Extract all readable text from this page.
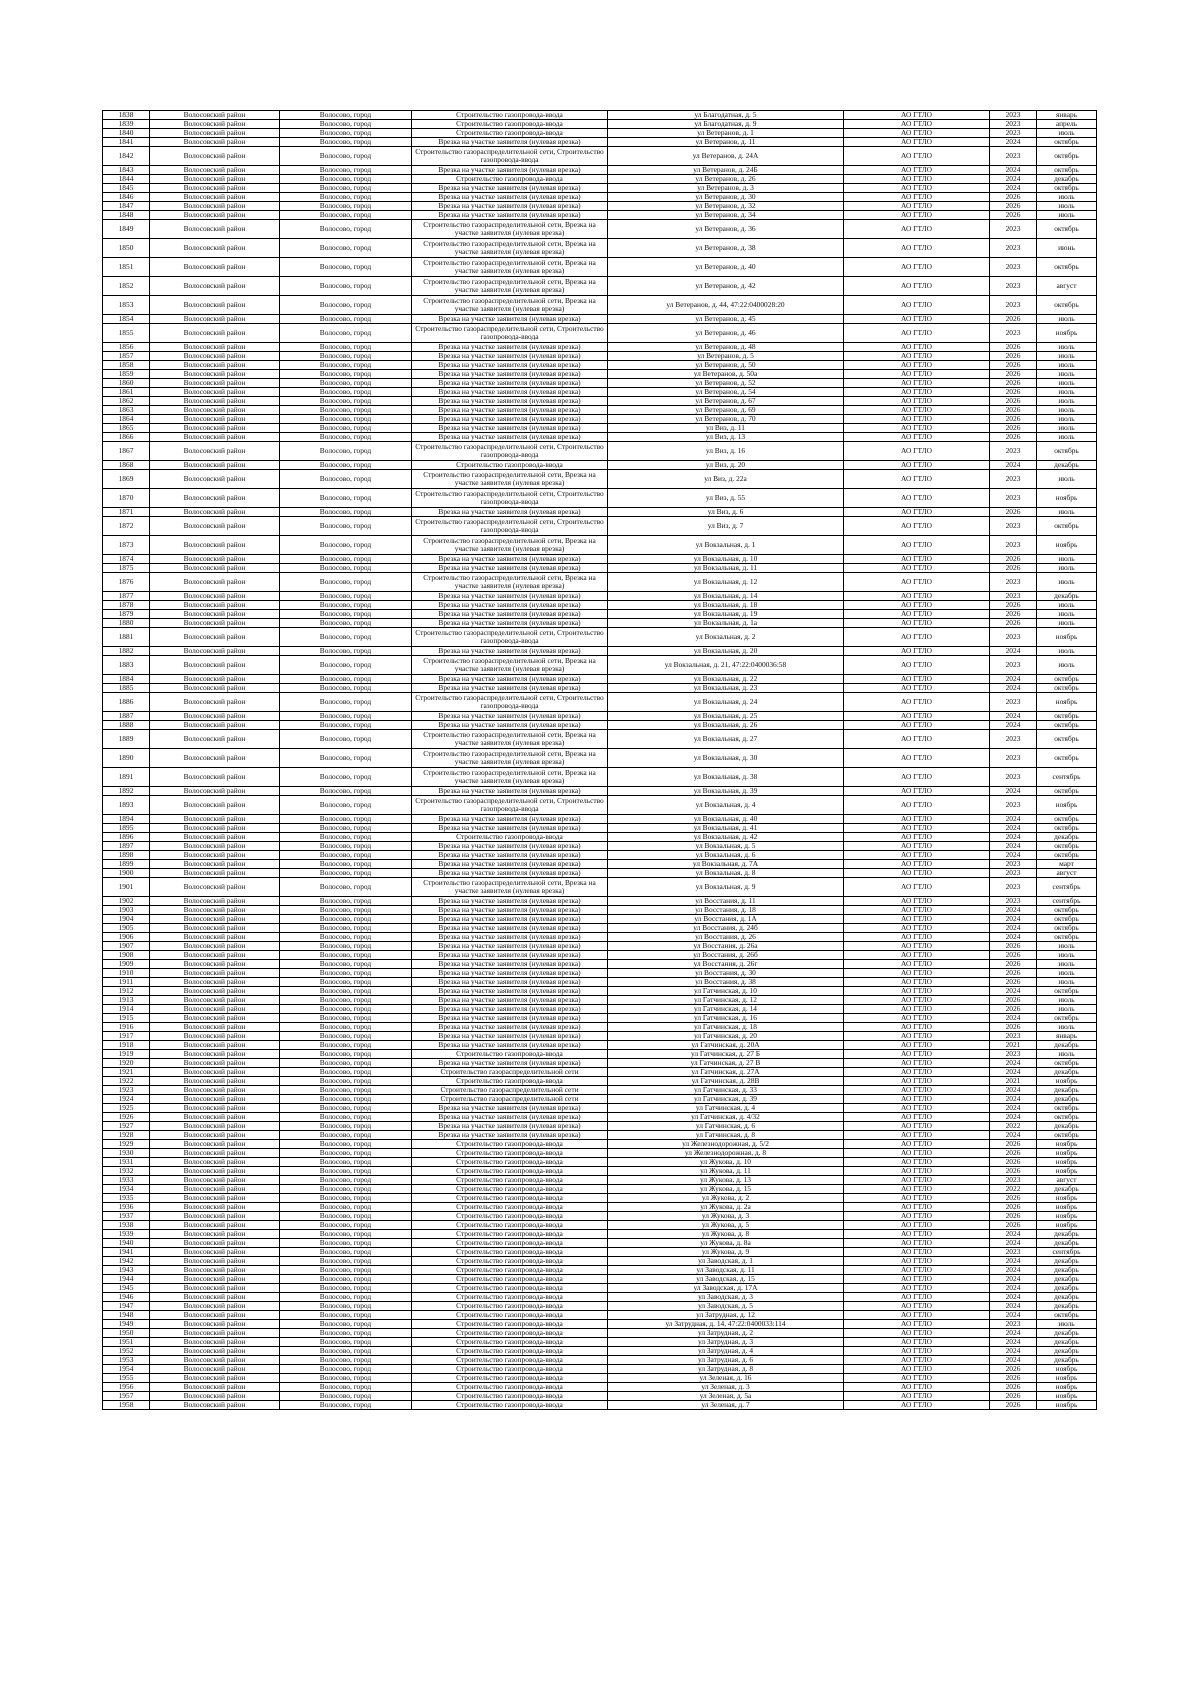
1838	Волосовский район	Волосово, город	Строительство газопровода-ввода	ул Благодатная, д. 5	АО ГТЛО	2023	январь
1839	Волосовский район	Волосово, город	Строительство газопровода-ввода	ул Благодатная, д. 9	АО ГТЛО	2023	апрель
1840	Волосовский район	Волосово, город	Строительство газопровода-ввода	ул Ветеранов, д. 1	АО ГТЛО	2023	июль
1841	Волосовский район	Волосово, город	Врезка на участке заявителя (нулевая врезка)	ул Ветеранов, д. 11	АО ГТЛО	2024	октябрь
1842	Волосовский район	Волосово, город	Строительство газораспределительной сети, Строительство газопровода-ввода	ул Ветеранов, д. 24А	АО ГТЛО	2023	октябрь
1843	Волосовский район	Волосово, город	Врезка на участке заявителя (нулевая врезка)	ул Ветеранов, д. 24Б	АО ГТЛО	2024	октябрь
1844	Волосовский район	Волосово, город	Строительство газопровода-ввода	ул Ветеранов, д. 26	АО ГТЛО	2024	декабрь
1845	Волосовский район	Волосово, город	Врезка на участке заявителя (нулевая врезка)	ул Ветеранов, д. 3	АО ГТЛО	2024	октябрь
1846	Волосовский район	Волосово, город	Врезка на участке заявителя (нулевая врезка)	ул Ветеранов, д. 30	АО ГТЛО	2026	июль
1847	Волосовский район	Волосово, город	Врезка на участке заявителя (нулевая врезка)	ул Ветеранов, д. 32	АО ГТЛО	2026	июль
1848	Волосовский район	Волосово, город	Врезка на участке заявителя (нулевая врезка)	ул Ветеранов, д. 34	АО ГТЛО	2026	июль
1849	Волосовский район	Волосово, город	Строительство газораспределительной сети, Врезка на участке заявителя (нулевая врезка)	ул Ветеранов, д. 36	АО ГТЛО	2023	октябрь
1850	Волосовский район	Волосово, город	Строительство газораспределительной сети, Врезка на участке заявителя (нулевая врезка)	ул Ветеранов, д. 38	АО ГТЛО	2023	июнь
1851	Волосовский район	Волосово, город	Строительство газораспределительной сети, Врезка на участке заявителя (нулевая врезка)	ул Ветеранов, д. 40	АО ГТЛО	2023	октябрь
1852	Волосовский район	Волосово, город	Строительство газораспределительной сети, Врезка на участке заявителя (нулевая врезка)	ул Ветеранов, д. 42	АО ГТЛО	2023	август
1853	Волосовский район	Волосово, город	Строительство газораспределительной сети, Врезка на участке заявителя (нулевая врезка)	ул Ветеранов, д. 44, 47:22:0400028:20	АО ГТЛО	2023	октябрь
1854	Волосовский район	Волосово, город	Врезка на участке заявителя (нулевая врезка)	ул Ветеранов, д. 45	АО ГТЛО	2026	июль
1855	Волосовский район	Волосово, город	Строительство газораспределительной сети, Строительство газопровода-ввода	ул Ветеранов, д. 46	АО ГТЛО	2023	ноябрь
1856	Волосовский район	Волосово, город	Врезка на участке заявителя (нулевая врезка)	ул Ветеранов, д. 48	АО ГТЛО	2026	июль
1857	Волосовский район	Волосово, город	Врезка на участке заявителя (нулевая врезка)	ул Ветеранов, д. 5	АО ГТЛО	2026	июль
1858	Волосовский район	Волосово, город	Врезка на участке заявителя (нулевая врезка)	ул Ветеранов, д. 50	АО ГТЛО	2026	июль
1859	Волосовский район	Волосово, город	Врезка на участке заявителя (нулевая врезка)	ул Ветеранов, д. 50а	АО ГТЛО	2026	июль
1860	Волосовский район	Волосово, город	Врезка на участке заявителя (нулевая врезка)	ул Ветеранов, д. 52	АО ГТЛО	2026	июль
1861	Волосовский район	Волосово, город	Врезка на участке заявителя (нулевая врезка)	ул Ветеранов, д. 54	АО ГТЛО	2026	июль
1862	Волосовский район	Волосово, город	Врезка на участке заявителя (нулевая врезка)	ул Ветеранов, д. 67	АО ГТЛО	2026	июль
1863	Волосовский район	Волосово, город	Врезка на участке заявителя (нулевая врезка)	ул Ветеранов, д. 69	АО ГТЛО	2026	июль
1864	Волосовский район	Волосово, город	Врезка на участке заявителя (нулевая врезка)	ул Ветеранов, д. 70	АО ГТЛО	2026	июль
1865	Волосовский район	Волосово, город	Врезка на участке заявителя (нулевая врезка)	ул Виз, д. 11	АО ГТЛО	2026	июль
1866	Волосовский район	Волосово, город	Врезка на участке заявителя (нулевая врезка)	ул Виз, д. 13	АО ГТЛО	2026	июль
1867	Волосовский район	Волосово, город	Строительство газораспределительной сети, Строительство газопровода-ввода	ул Виз, д. 16	АО ГТЛО	2023	октябрь
1868	Волосовский район	Волосово, город	Строительство газопровода-ввода	ул Виз, д. 20	АО ГТЛО	2024	декабрь
1869	Волосовский район	Волосово, город	Строительство газораспределительной сети, Врезка на участке заявителя (нулевая врезка)	ул Виз, д. 22а	АО ГТЛО	2023	июль
1870	Волосовский район	Волосово, город	Строительство газораспределительной сети, Строительство газопровода-ввода	ул Виз, д. 55	АО ГТЛО	2023	ноябрь
1871	Волосовский район	Волосово, город	Врезка на участке заявителя (нулевая врезка)	ул Виз, д. 6	АО ГТЛО	2026	июль
1872	Волосовский район	Волосово, город	Строительство газораспределительной сети, Строительство газопровода-ввода	ул Виз, д. 7	АО ГТЛО	2023	октябрь
1873	Волосовский район	Волосово, город	Строительство газораспределительной сети, Врезка на участке заявителя (нулевая врезка)	ул Вокзальная, д. 1	АО ГТЛО	2023	ноябрь
1874	Волосовский район	Волосово, город	Врезка на участке заявителя (нулевая врезка)	ул Вокзальная, д. 10	АО ГТЛО	2026	июль
1875	Волосовский район	Волосово, город	Врезка на участке заявителя (нулевая врезка)	ул Вокзальная, д. 11	АО ГТЛО	2026	июль
1876	Волосовский район	Волосово, город	Строительство газораспределительной сети, Врезка на участке заявителя (нулевая врезка)	ул Вокзальная, д. 12	АО ГТЛО	2023	июль
1877	Волосовский район	Волосово, город	Врезка на участке заявителя (нулевая врезка)	ул Вокзальная, д. 14	АО ГТЛО	2023	декабрь
1878	Волосовский район	Волосово, город	Врезка на участке заявителя (нулевая врезка)	ул Вокзальная, д. 18	АО ГТЛО	2026	июль
1879	Волосовский район	Волосово, город	Врезка на участке заявителя (нулевая врезка)	ул Вокзальная, д. 19	АО ГТЛО	2026	июль
1880	Волосовский район	Волосово, город	Врезка на участке заявителя (нулевая врезка)	ул Вокзальная, д. 1а	АО ГТЛО	2026	июль
1881	Волосовский район	Волосово, город	Строительство газораспределительной сети, Строительство газопровода-ввода	ул Вокзальная, д. 2	АО ГТЛО	2023	ноябрь
1882	Волосовский район	Волосово, город	Врезка на участке заявителя (нулевая врезка)	ул Вокзальная, д. 20	АО ГТЛО	2024	июль
1883	Волосовский район	Волосово, город	Строительство газораспределительной сети, Врезка на участке заявителя (нулевая врезка)	ул Вокзальная, д. 21, 47:22:0400036:58	АО ГТЛО	2023	июль
1884	Волосовский район	Волосово, город	Врезка на участке заявителя (нулевая врезка)	ул Вокзальная, д. 22	АО ГТЛО	2024	октябрь
1885	Волосовский район	Волосово, город	Врезка на участке заявителя (нулевая врезка)	ул Вокзальная, д. 23	АО ГТЛО	2024	октябрь
1886	Волосовский район	Волосово, город	Строительство газораспределительной сети, Строительство газопровода-ввода	ул Вокзальная, д. 24	АО ГТЛО	2023	ноябрь
1887	Волосовский район	Волосово, город	Врезка на участке заявителя (нулевая врезка)	ул Вокзальная, д. 25	АО ГТЛО	2024	октябрь
1888	Волосовский район	Волосово, город	Врезка на участке заявителя (нулевая врезка)	ул Вокзальная, д. 26	АО ГТЛО	2024	октябрь
1889	Волосовский район	Волосово, город	Строительство газораспределительной сети, Врезка на участке заявителя (нулевая врезка)	ул Вокзальная, д. 27	АО ГТЛО	2023	октябрь
1890	Волосовский район	Волосово, город	Строительство газораспределительной сети, Врезка на участке заявителя (нулевая врезка)	ул Вокзальная, д. 30	АО ГТЛО	2023	октябрь
1891	Волосовский район	Волосово, город	Строительство газораспределительной сети, Врезка на участке заявителя (нулевая врезка)	ул Вокзальная, д. 38	АО ГТЛО	2023	сентябрь
1892	Волосовский район	Волосово, город	Врезка на участке заявителя (нулевая врезка)	ул Вокзальная, д. 39	АО ГТЛО	2024	октябрь
1893	Волосовский район	Волосово, город	Строительство газораспределительной сети, Строительство газопровода-ввода	ул Вокзальная, д. 4	АО ГТЛО	2023	ноябрь
1894	Волосовский район	Волосово, город	Врезка на участке заявителя (нулевая врезка)	ул Вокзальная, д. 40	АО ГТЛО	2024	октябрь
1895	Волосовский район	Волосово, город	Врезка на участке заявителя (нулевая врезка)	ул Вокзальная, д. 41	АО ГТЛО	2024	октябрь
1896	Волосовский район	Волосово, город	Строительство газопровода-ввода	ул Вокзальная, д. 42	АО ГТЛО	2024	декабрь
1897	Волосовский район	Волосово, город	Врезка на участке заявителя (нулевая врезка)	ул Вокзальная, д. 5	АО ГТЛО	2024	октябрь
1898	Волосовский район	Волосово, город	Врезка на участке заявителя (нулевая врезка)	ул Вокзальная, д. 6	АО ГТЛО	2024	октябрь
1899	Волосовский район	Волосово, город	Врезка на участке заявителя (нулевая врезка)	ул Вокзальная, д. 7А	АО ГТЛО	2023	март
1900	Волосовский район	Волосово, город	Врезка на участке заявителя (нулевая врезка)	ул Вокзальная, д. 8	АО ГТЛО	2023	август
1901	Волосовский район	Волосово, город	Строительство газораспределительной сети, Врезка на участке заявителя (нулевая врезка)	ул Вокзальная, д. 9	АО ГТЛО	2023	сентябрь
1902	Волосовский район	Волосово, город	Врезка на участке заявителя (нулевая врезка)	ул Восстания, д. 11	АО ГТЛО	2023	сентябрь
1903	Волосовский район	Волосово, город	Врезка на участке заявителя (нулевая врезка)	ул Восстания, д. 18	АО ГТЛО	2024	октябрь
1904	Волосовский район	Волосово, город	Врезка на участке заявителя (нулевая врезка)	ул Восстания, д. 1А	АО ГТЛО	2024	октябрь
1905	Волосовский район	Волосово, город	Врезка на участке заявителя (нулевая врезка)	ул Восстания, д. 24б	АО ГТЛО	2024	октябрь
1906	Волосовский район	Волосово, город	Врезка на участке заявителя (нулевая врезка)	ул Восстания, д. 26	АО ГТЛО	2024	октябрь
1907	Волосовский район	Волосово, город	Врезка на участке заявителя (нулевая врезка)	ул Восстания, д. 26а	АО ГТЛО	2026	июль
1908	Волосовский район	Волосово, город	Врезка на участке заявителя (нулевая врезка)	ул Восстания, д. 26б	АО ГТЛО	2026	июль
1909	Волосовский район	Волосово, город	Врезка на участке заявителя (нулевая врезка)	ул Восстания, д. 26г	АО ГТЛО	2026	июль
1910	Волосовский район	Волосово, город	Врезка на участке заявителя (нулевая врезка)	ул Восстания, д. 30	АО ГТЛО	2026	июль
1911	Волосовский район	Волосово, город	Врезка на участке заявителя (нулевая врезка)	ул Восстания, д. 38	АО ГТЛО	2026	июль
1912	Волосовский район	Волосово, город	Врезка на участке заявителя (нулевая врезка)	ул Гатчинская, д. 10	АО ГТЛО	2024	октябрь
1913	Волосовский район	Волосово, город	Врезка на участке заявителя (нулевая врезка)	ул Гатчинская, д. 12	АО ГТЛО	2026	июль
1914	Волосовский район	Волосово, город	Врезка на участке заявителя (нулевая врезка)	ул Гатчинская, д. 14	АО ГТЛО	2026	июль
1915	Волосовский район	Волосово, город	Врезка на участке заявителя (нулевая врезка)	ул Гатчинская, д. 16	АО ГТЛО	2024	октябрь
1916	Волосовский район	Волосово, город	Врезка на участке заявителя (нулевая врезка)	ул Гатчинская, д. 18	АО ГТЛО	2026	июль
1917	Волосовский район	Волосово, город	Врезка на участке заявителя (нулевая врезка)	ул Гатчинская, д. 20	АО ГТЛО	2023	январь
1918	Волосовский район	Волосово, город	Врезка на участке заявителя (нулевая врезка)	ул Гатчинская, д. 20А	АО ГТЛО	2021	декабрь
1919	Волосовский район	Волосово, город	Строительство газопровода-ввода	ул Гатчинская, д. 27 Б	АО ГТЛО	2023	июль
1920	Волосовский район	Волосово, город	Врезка на участке заявителя (нулевая врезка)	ул Гатчинская, д. 27 В	АО ГТЛО	2024	октябрь
1921	Волосовский район	Волосово, город	Строительство газораспределительной сети	ул Гатчинская, д. 27А	АО ГТЛО	2024	декабрь
1922	Волосовский район	Волосово, город	Строительство газопровода-ввода	ул Гатчинская, д. 28В	АО ГТЛО	2021	ноябрь
1923	Волосовский район	Волосово, город	Строительство газораспределительной сети	ул Гатчинская, д. 33	АО ГТЛО	2024	декабрь
1924	Волосовский район	Волосово, город	Строительство газораспределительной сети	ул Гатчинская, д. 39	АО ГТЛО	2024	декабрь
1925	Волосовский район	Волосово, город	Врезка на участке заявителя (нулевая врезка)	ул Гатчинская, д. 4	АО ГТЛО	2024	октябрь
1926	Волосовский район	Волосово, город	Врезка на участке заявителя (нулевая врезка)	ул Гатчинская, д. 4/32	АО ГТЛО	2024	октябрь
1927	Волосовский район	Волосово, город	Врезка на участке заявителя (нулевая врезка)	ул Гатчинская, д. 6	АО ГТЛО	2022	декабрь
1928	Волосовский район	Волосово, город	Врезка на участке заявителя (нулевая врезка)	ул Гатчинская, д. 8	АО ГТЛО	2024	октябрь
1929	Волосовский район	Волосово, город	Строительство газопровода-ввода	ул Железнодорожная, д. 5/2	АО ГТЛО	2026	ноябрь
1930	Волосовский район	Волосово, город	Строительство газопровода-ввода	ул Железнодорожная, д. 8	АО ГТЛО	2026	ноябрь
1931	Волосовский район	Волосово, город	Строительство газопровода-ввода	ул Жукова, д. 10	АО ГТЛО	2026	ноябрь
1932	Волосовский район	Волосово, город	Строительство газопровода-ввода	ул Жукова, д. 11	АО ГТЛО	2026	ноябрь
1933	Волосовский район	Волосово, город	Строительство газопровода-ввода	ул Жукова, д. 13	АО ГТЛО	2023	август
1934	Волосовский район	Волосово, город	Строительство газопровода-ввода	ул Жукова, д. 15	АО ГТЛО	2022	декабрь
1935	Волосовский район	Волосово, город	Строительство газопровода-ввода	ул Жукова, д. 2	АО ГТЛО	2026	ноябрь
1936	Волосовский район	Волосово, город	Строительство газопровода-ввода	ул Жукова, д. 2а	АО ГТЛО	2026	ноябрь
1937	Волосовский район	Волосово, город	Строительство газопровода-ввода	ул Жукова, д. 3	АО ГТЛО	2026	ноябрь
1938	Волосовский район	Волосово, город	Строительство газопровода-ввода	ул Жукова, д. 5	АО ГТЛО	2026	ноябрь
1939	Волосовский район	Волосово, город	Строительство газопровода-ввода	ул Жукова, д. 8	АО ГТЛО	2024	декабрь
1940	Волосовский район	Волосово, город	Строительство газопровода-ввода	ул Жукова, д. 8а	АО ГТЛО	2024	декабрь
1941	Волосовский район	Волосово, город	Строительство газопровода-ввода	ул Жукова, д. 9	АО ГТЛО	2023	сентябрь
1942	Волосовский район	Волосово, город	Строительство газопровода-ввода	ул Заводская, д. 1	АО ГТЛО	2024	декабрь
1943	Волосовский район	Волосово, город	Строительство газопровода-ввода	ул Заводская, д. 11	АО ГТЛО	2024	декабрь
1944	Волосовский район	Волосово, город	Строительство газопровода-ввода	ул Заводская, д. 15	АО ГТЛО	2024	декабрь
1945	Волосовский район	Волосово, город	Строительство газопровода-ввода	ул Заводская, д. 17А	АО ГТЛО	2024	декабрь
1946	Волосовский район	Волосово, город	Строительство газопровода-ввода	ул Заводская, д. 3	АО ГТЛО	2024	декабрь
1947	Волосовский район	Волосово, город	Строительство газопровода-ввода	ул Заводская, д. 5	АО ГТЛО	2024	декабрь
1948	Волосовский район	Волосово, город	Строительство газопровода-ввода	ул Затрудная, д. 12	АО ГТЛО	2024	октябрь
1949	Волосовский район	Волосово, город	Строительство газопровода-ввода	ул Затрудная, д. 14, 47:22:0400033:114	АО ГТЛО	2023	июль
1950	Волосовский район	Волосово, город	Строительство газопровода-ввода	ул Затрудная, д. 2	АО ГТЛО	2024	декабрь
1951	Волосовский район	Волосово, город	Строительство газопровода-ввода	ул Затрудная, д. 3	АО ГТЛО	2024	декабрь
1952	Волосовский район	Волосово, город	Строительство газопровода-ввода	ул Затрудная, д. 4	АО ГТЛО	2024	декабрь
1953	Волосовский район	Волосово, город	Строительство газопровода-ввода	ул Затрудная, д. 6	АО ГТЛО	2024	декабрь
1954	Волосовский район	Волосово, город	Строительство газопровода-ввода	ул Затрудная, д. 8	АО ГТЛО	2026	ноябрь
1955	Волосовский район	Волосово, город	Строительство газопровода-ввода	ул Зеленая, д. 16	АО ГТЛО	2026	ноябрь
1956	Волосовский район	Волосово, город	Строительство газопровода-ввода	ул Зеленая, д. 3	АО ГТЛО	2026	ноябрь
1957	Волосовский район	Волосово, город	Строительство газопровода-ввода	ул Зеленая, д. 5а	АО ГТЛО	2026	ноябрь
1958	Волосовский район	Волосово, город	Строительство газопровода-ввода	ул Зеленая, д. 7	АО ГТЛО	2026	ноябрь
